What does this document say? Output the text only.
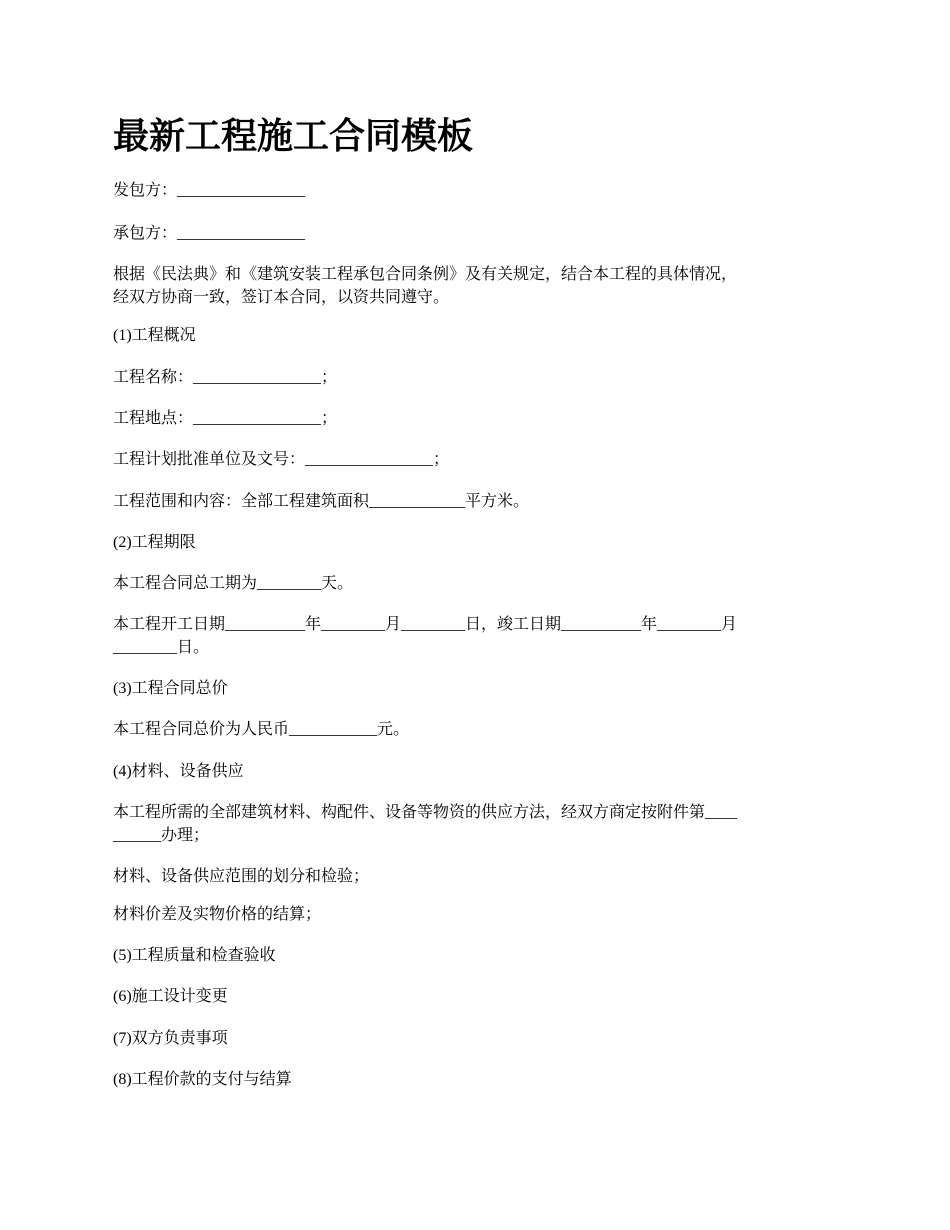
最新工程施工合同模板

发包方：________________

承包方：________________

根据《民法典》和《建筑安装工程承包合同条例》及有关规定，结合本工程的具体情况，
经双方协商一致，签订本合同，以资共同遵守。

(1)工程概况

工程名称：________________；

工程地点：________________；

工程计划批准单位及文号：________________；

工程范围和内容：全部工程建筑面积____________平方米。

(2)工程期限

本工程合同总工期为________天。

本工程开工日期__________年________月________日，竣工日期__________年________月
________日。

(3)工程合同总价

本工程合同总价为人民币___________元。

(4)材料、设备供应

本工程所需的全部建筑材料、构配件、设备等物资的供应方法，经双方商定按附件第____
______办理；

材料、设备供应范围的划分和检验；

材料价差及实物价格的结算；

(5)工程质量和检查验收

(6)施工设计变更

(7)双方负责事项

(8)工程价款的支付与结算
